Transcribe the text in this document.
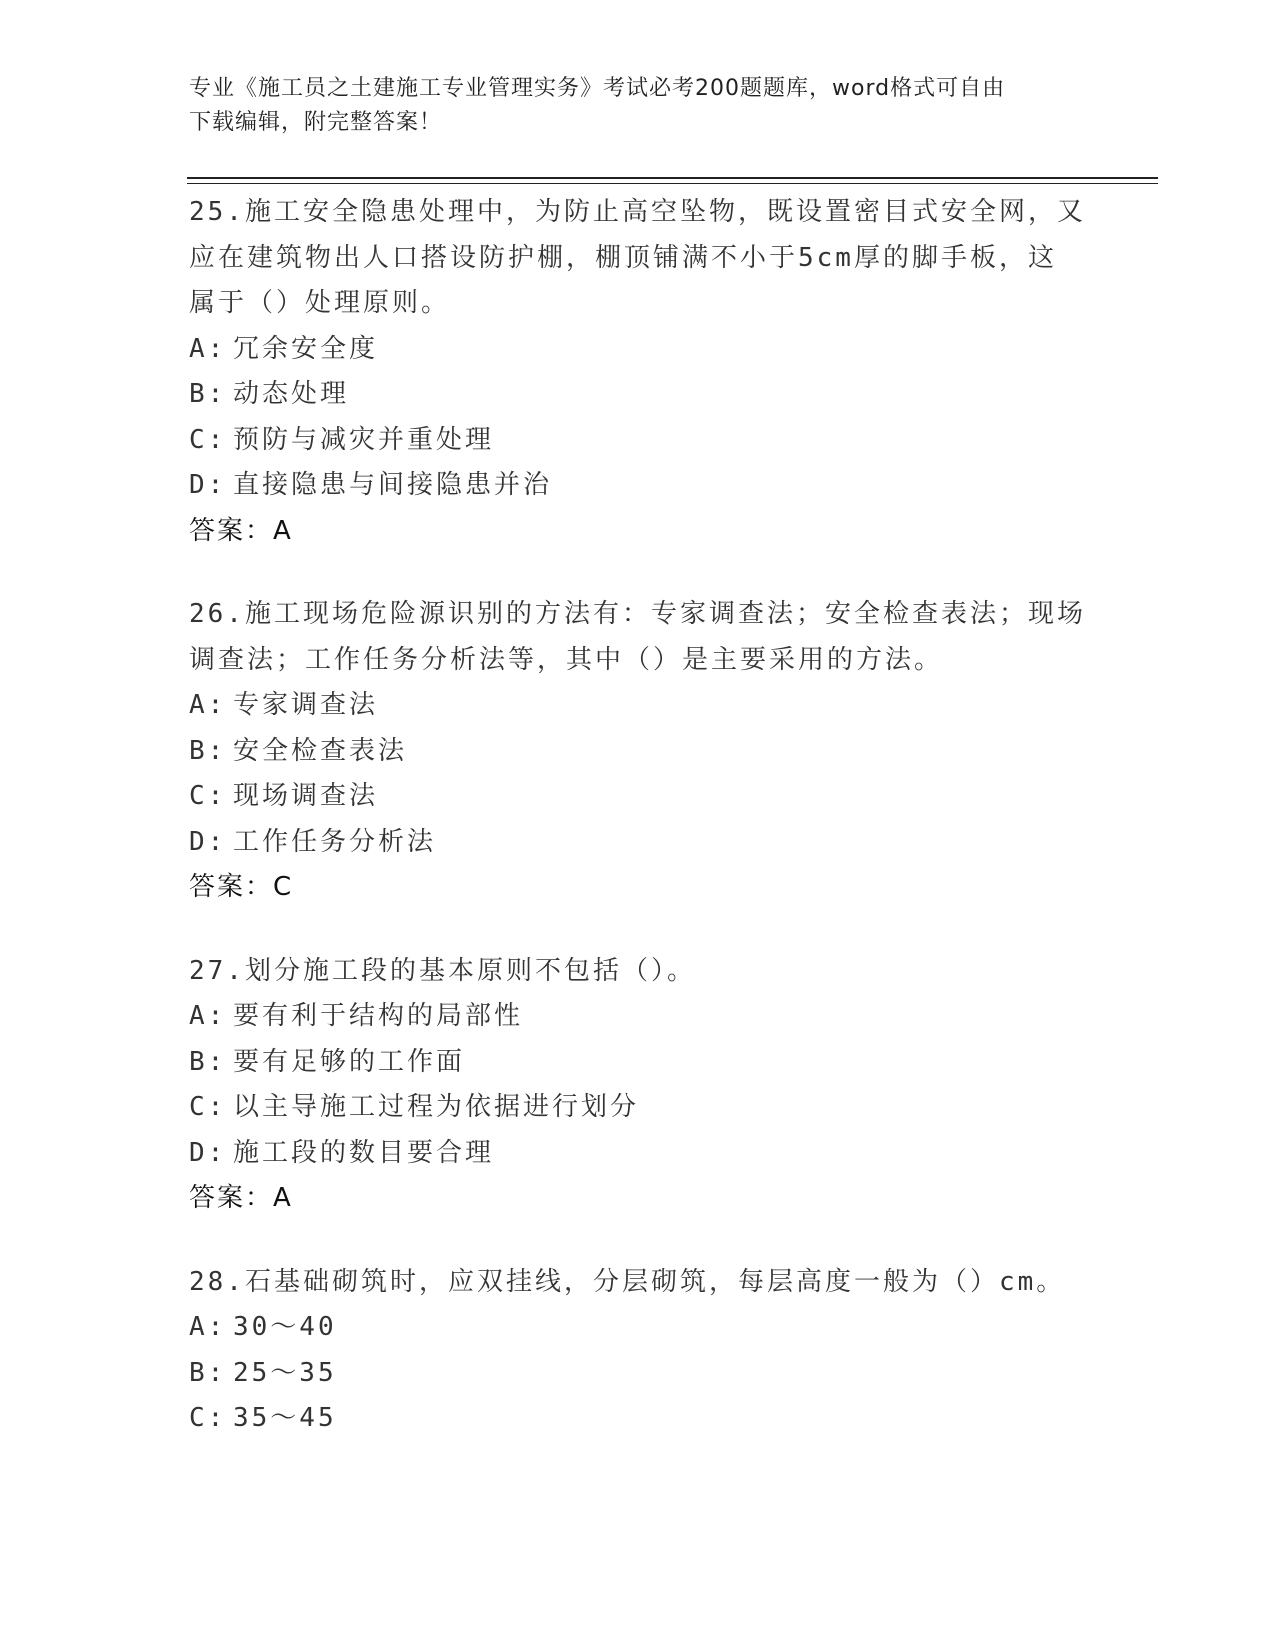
专业《施工员之土建施工专业管理实务》考试必考200题题库，word格式可自由
下载编辑，附完整答案！
25.施工安全隐患处理中，为防止高空坠物，既设置密目式安全网，又
应在建筑物出人口搭设防护棚，棚顶铺满不小于5cm厚的脚手板，这
属于（）处理原则。
A: 冗余安全度
B: 动态处理
C: 预防与减灾并重处理
D: 直接隐患与间接隐患并治
答案：A
26.施工现场危险源识别的方法有：专家调查法；安全检查表法；现场
调查法；工作任务分析法等，其中（）是主要采用的方法。
A: 专家调查法
B: 安全检查表法
C: 现场调查法
D: 工作任务分析法
答案：C
27.划分施工段的基本原则不包括（）。
A: 要有利于结构的局部性
B: 要有足够的工作面
C: 以主导施工过程为依据进行划分
D: 施工段的数目要合理
答案：A
28.石基础砌筑时，应双挂线，分层砌筑，每层高度一般为（）cm。
A: 30～40
B: 25～35
C: 35～45
